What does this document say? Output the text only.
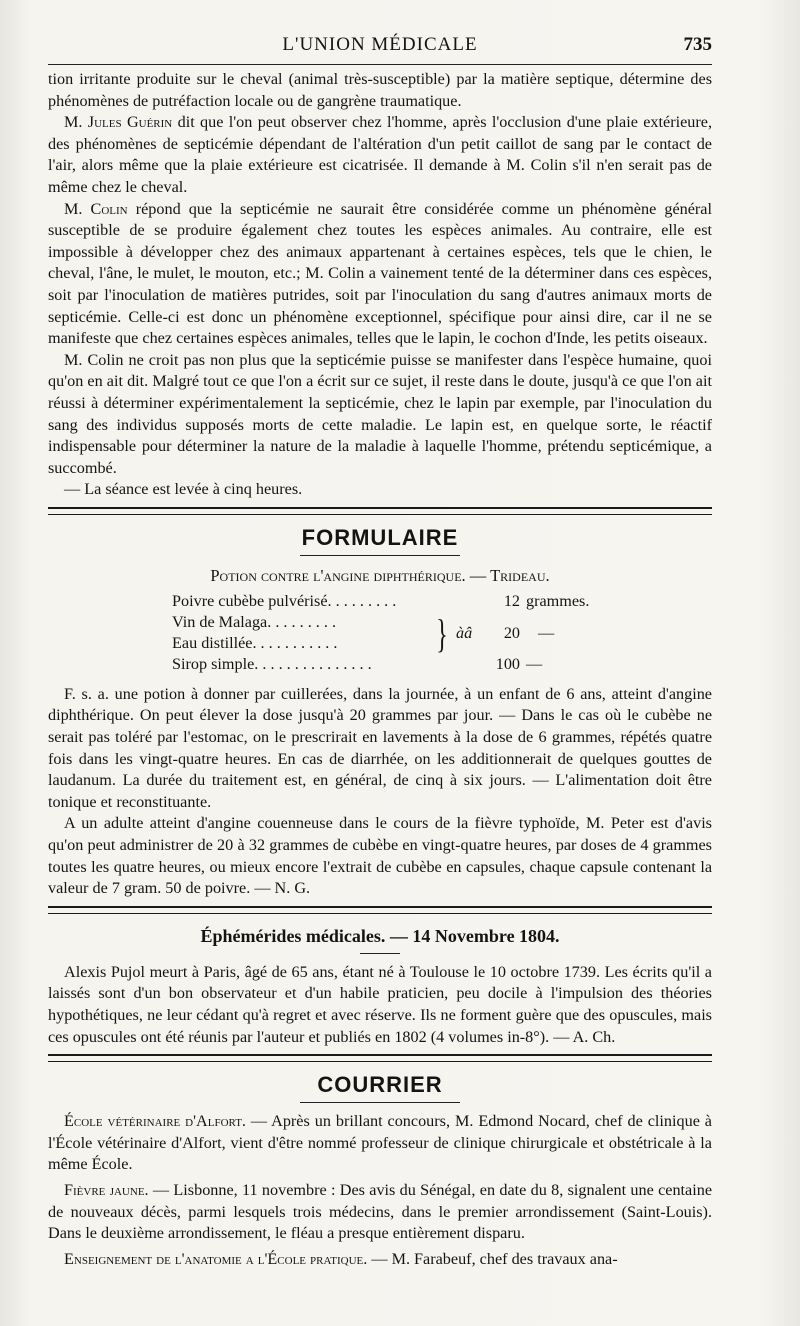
L'UNION MÉDICALE	735

tion irritante produite sur le cheval (animal très-susceptible) par la matière septique, détermine des phénomènes de putréfaction locale ou de gangrène traumatique.

M. Jules Guérin dit que l'on peut observer chez l'homme, après l'occlusion d'une plaie extérieure, des phénomènes de septicémie dépendant de l'altération d'un petit caillot de sang par le contact de l'air, alors même que la plaie extérieure est cicatrisée. Il demande à M. Colin s'il n'en serait pas de même chez le cheval.

M. Colin répond que la septicémie ne saurait être considérée comme un phénomène général susceptible de se produire également chez toutes les espèces animales. Au contraire, elle est impossible à développer chez des animaux appartenant à certaines espèces, tels que le chien, le cheval, l'âne, le mulet, le mouton, etc.; M. Colin a vainement tenté de la déterminer dans ces espèces, soit par l'inoculation de matières putrides, soit par l'inoculation du sang d'autres animaux morts de septicémie. Celle-ci est donc un phénomène exceptionnel, spécifique pour ainsi dire, car il ne se manifeste que chez certaines espèces animales, telles que le lapin, le cochon d'Inde, les petits oiseaux.

M. Colin ne croit pas non plus que la septicémie puisse se manifester dans l'espèce humaine, quoi qu'on en ait dit. Malgré tout ce que l'on a écrit sur ce sujet, il reste dans le doute, jusqu'à ce que l'on ait réussi à déterminer expérimentalement la septicémie, chez le lapin par exemple, par l'inoculation du sang des individus supposés morts de cette maladie. Le lapin est, en quelque sorte, le réactif indispensable pour déterminer la nature de la maladie à laquelle l'homme, prétendu septicémique, a succombé.

— La séance est levée à cinq heures.

FORMULAIRE
Potion contre l'angine diphthérique. — Trideau.
Poivre cubèbe pulvérisé. . . . . . . . .	12 grammes.
Vin de Malaga. . . . . . . . .
Eau distillée. . . . . . . . . . .	} àâ	20	—
Sirop simple. . . . . . . . . . . . . . .	100 —

F. s. a. une potion à donner par cuillerées, dans la journée, à un enfant de 6 ans, atteint d'angine diphthérique. On peut élever la dose jusqu'à 20 grammes par jour. — Dans le cas où le cubèbe ne serait pas toléré par l'estomac, on le prescrirait en lavements à la dose de 6 grammes, répétés quatre fois dans les vingt-quatre heures. En cas de diarrhée, on les additionnerait de quelques gouttes de laudanum. La durée du traitement est, en général, de cinq à six jours. — L'alimentation doit être tonique et reconstituante.

A un adulte atteint d'angine couenneuse dans le cours de la fièvre typhoïde, M. Peter est d'avis qu'on peut administrer de 20 à 32 grammes de cubèbe en vingt-quatre heures, par doses de 4 grammes toutes les quatre heures, ou mieux encore l'extrait de cubèbe en capsules, chaque capsule contenant la valeur de 7 gram. 50 de poivre. — N. G.

Éphémérides médicales. — 14 Novembre 1804.

Alexis Pujol meurt à Paris, âgé de 65 ans, étant né à Toulouse le 10 octobre 1739. Les écrits qu'il a laissés sont d'un bon observateur et d'un habile praticien, peu docile à l'impulsion des théories hypothétiques, ne leur cédant qu'à regret et avec réserve. Ils ne forment guère que des opuscules, mais ces opuscules ont été réunis par l'auteur et publiés en 1802 (4 volumes in-8°). — A. Ch.

COURRIER

École vétérinaire d'Alfort. — Après un brillant concours, M. Edmond Nocard, chef de clinique à l'École vétérinaire d'Alfort, vient d'être nommé professeur de clinique chirurgicale et obstétricale à la même École.

Fièvre jaune. — Lisbonne, 11 novembre : Des avis du Sénégal, en date du 8, signalent une centaine de nouveaux décès, parmi lesquels trois médecins, dans le premier arrondissement (Saint-Louis). Dans le deuxième arrondissement, le fléau a presque entièrement disparu.

Enseignement de l'anatomie a l'École pratique. — M. Farabeuf, chef des travaux ana-
